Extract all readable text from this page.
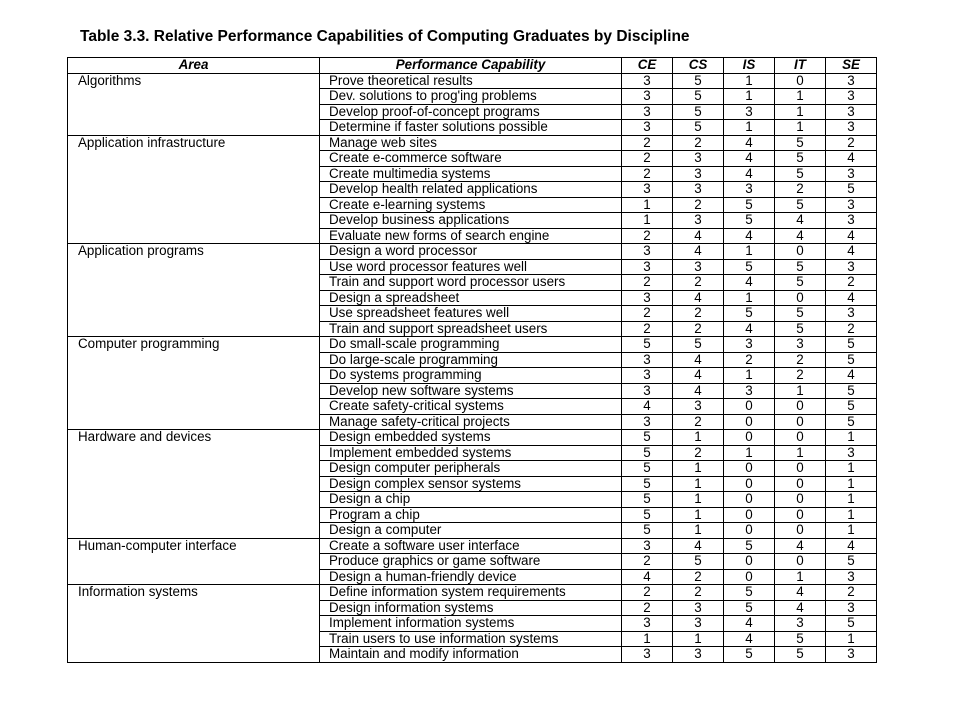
Table 3.3. Relative Performance Capabilities of Computing Graduates by Discipline
Area	Performance Capability	CE	CS	IS	IT	SE
Algorithms	Prove theoretical results	3	5	1	0	3
	Dev. solutions to prog'ing problems	3	5	1	1	3
	Develop proof-of-concept programs	3	5	3	1	3
	Determine if faster solutions possible	3	5	1	1	3
Application infrastructure	Manage web sites	2	2	4	5	2
	Create e-commerce software	2	3	4	5	4
	Create multimedia systems	2	3	4	5	3
	Develop health related applications	3	3	3	2	5
	Create e-learning systems	1	2	5	5	3
	Develop business applications	1	3	5	4	3
	Evaluate new forms of search engine	2	4	4	4	4
Application programs	Design a word processor	3	4	1	0	4
	Use word processor features well	3	3	5	5	3
	Train and support word processor users	2	2	4	5	2
	Design a spreadsheet	3	4	1	0	4
	Use spreadsheet features well	2	2	5	5	3
	Train and support spreadsheet users	2	2	4	5	2
Computer programming	Do small-scale programming	5	5	3	3	5
	Do large-scale programming	3	4	2	2	5
	Do systems programming	3	4	1	2	4
	Develop new software systems	3	4	3	1	5
	Create safety-critical systems	4	3	0	0	5
	Manage safety-critical projects	3	2	0	0	5
Hardware and devices	Design embedded systems	5	1	0	0	1
	Implement embedded systems	5	2	1	1	3
	Design computer peripherals	5	1	0	0	1
	Design complex sensor systems	5	1	0	0	1
	Design a chip	5	1	0	0	1
	Program a chip	5	1	0	0	1
	Design a computer	5	1	0	0	1
Human-computer interface	Create a software user interface	3	4	5	4	4
	Produce graphics or game software	2	5	0	0	5
	Design a human-friendly device	4	2	0	1	3
Information systems	Define information system requirements	2	2	5	4	2
	Design information systems	2	3	5	4	3
	Implement information systems	3	3	4	3	5
	Train users to use information systems	1	1	4	5	1
	Maintain and modify information	3	3	5	5	3
